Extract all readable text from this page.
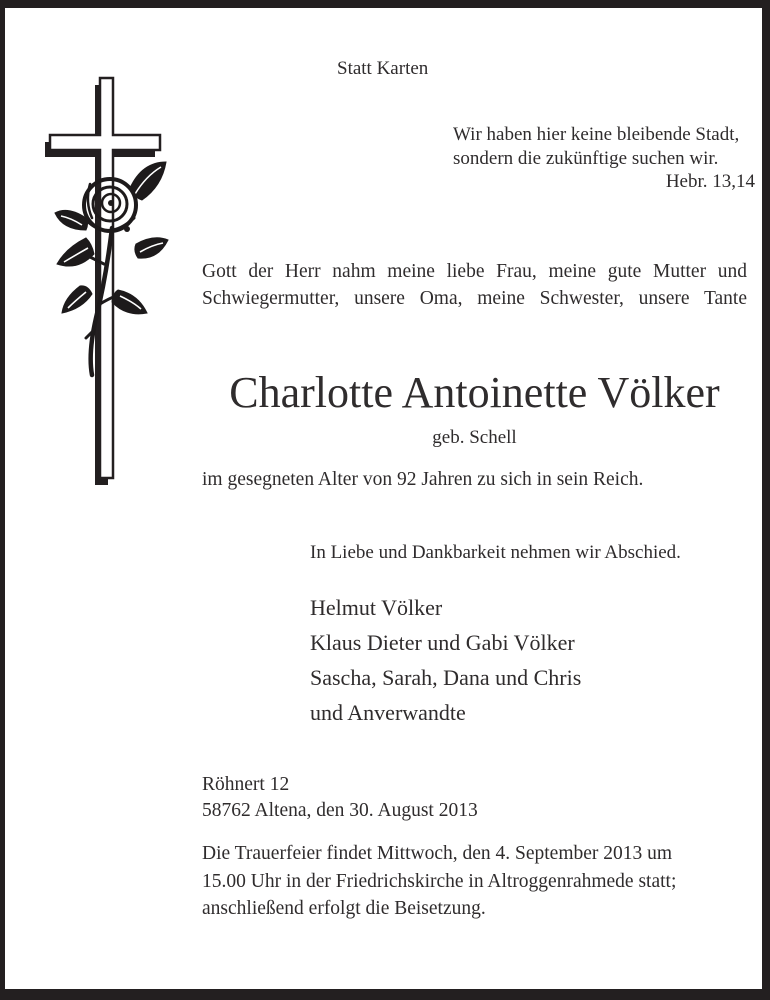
Statt Karten
Wir haben hier keine bleibende Stadt,
sondern die zukünftige suchen wir.
Hebr. 13,14
Gott der Herr nahm meine liebe Frau, meine gute Mutter und
Schwiegermutter, unsere Oma, meine Schwester, unsere Tante
Charlotte Antoinette Völker
geb. Schell
im gesegneten Alter von 92 Jahren zu sich in sein Reich.
In Liebe und Dankbarkeit nehmen wir Abschied.
Helmut Völker
Klaus Dieter und Gabi Völker
Sascha, Sarah, Dana und Chris
und Anverwandte
Röhnert 12
58762 Altena, den 30. August 2013
Die Trauerfeier findet Mittwoch, den 4. September 2013 um
15.00 Uhr in der Friedrichskirche in Altroggenrahmede statt;
anschließend erfolgt die Beisetzung.
